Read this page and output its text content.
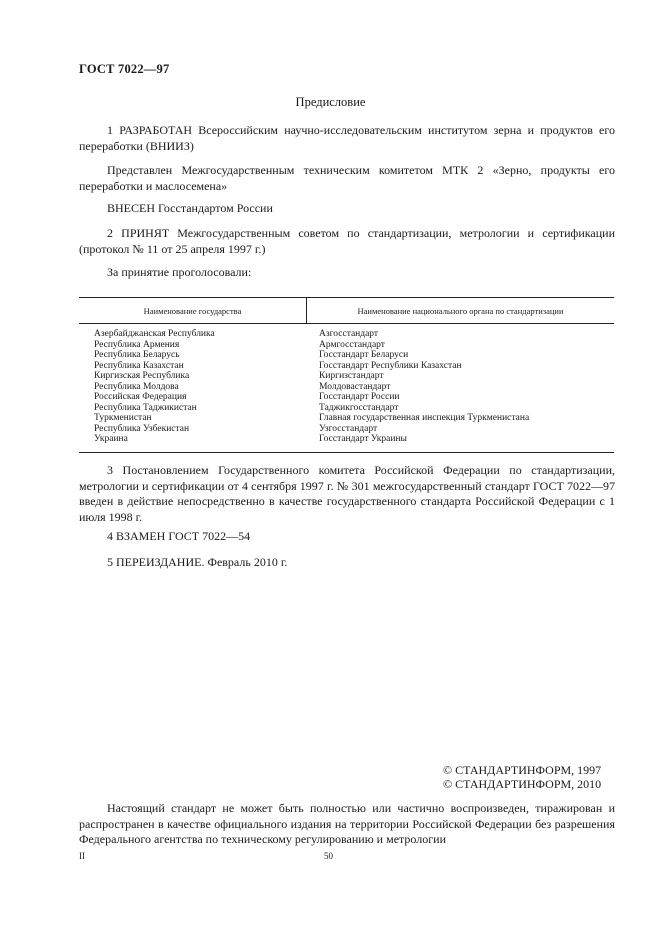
ГОСТ 7022—97
Предисловие
1 РАЗРАБОТАН Всероссийским научно-исследовательским институтом зерна и продуктов его переработки (ВНИИЗ)
Представлен Межгосударственным техническим комитетом МТК 2 «Зерно, продукты его переработки и маслосемена»
ВНЕСЕН Госстандартом России
2 ПРИНЯТ Межгосударственным советом по стандартизации, метрологии и сертификации (протокол № 11 от 25 апреля 1997 г.)
За принятие проголосовали:
Наименование государства	Наименование национального органа по стандартизации
Азербайджанская Республика
Республика Армения
Республика Беларусь
Республика Казахстан
Киргизская Республика
Республика Молдова
Российская Федерация
Республика Таджикистан
Туркменистан
Республика Узбекистан
Украина
Азгосстандарт
Армгосстандарт
Госстандарт Беларуси
Госстандарт Республики Казахстан
Киргизстандарт
Молдовастандарт
Госстандарт России
Таджикгосстандарт
Главная государственная инспекция Туркменистана
Узгосстандарт
Госстандарт Украины
3 Постановлением Государственного комитета Российской Федерации по стандартизации, метрологии и сертификации от 4 сентября 1997 г. № 301 межгосударственный стандарт ГОСТ 7022—97 введен в действие непосредственно в качестве государственного стандарта Российской Федерации с 1 июля 1998 г.
4 ВЗАМЕН ГОСТ 7022—54
5 ПЕРЕИЗДАНИЕ. Февраль 2010 г.
© СТАНДАРТИНФОРМ, 1997
© СТАНДАРТИНФОРМ, 2010
Настоящий стандарт не может быть полностью или частично воспроизведен, тиражирован и распространен в качестве официального издания на территории Российской Федерации без разрешения Федерального агентства по техническому регулированию и метрологии
II	50
